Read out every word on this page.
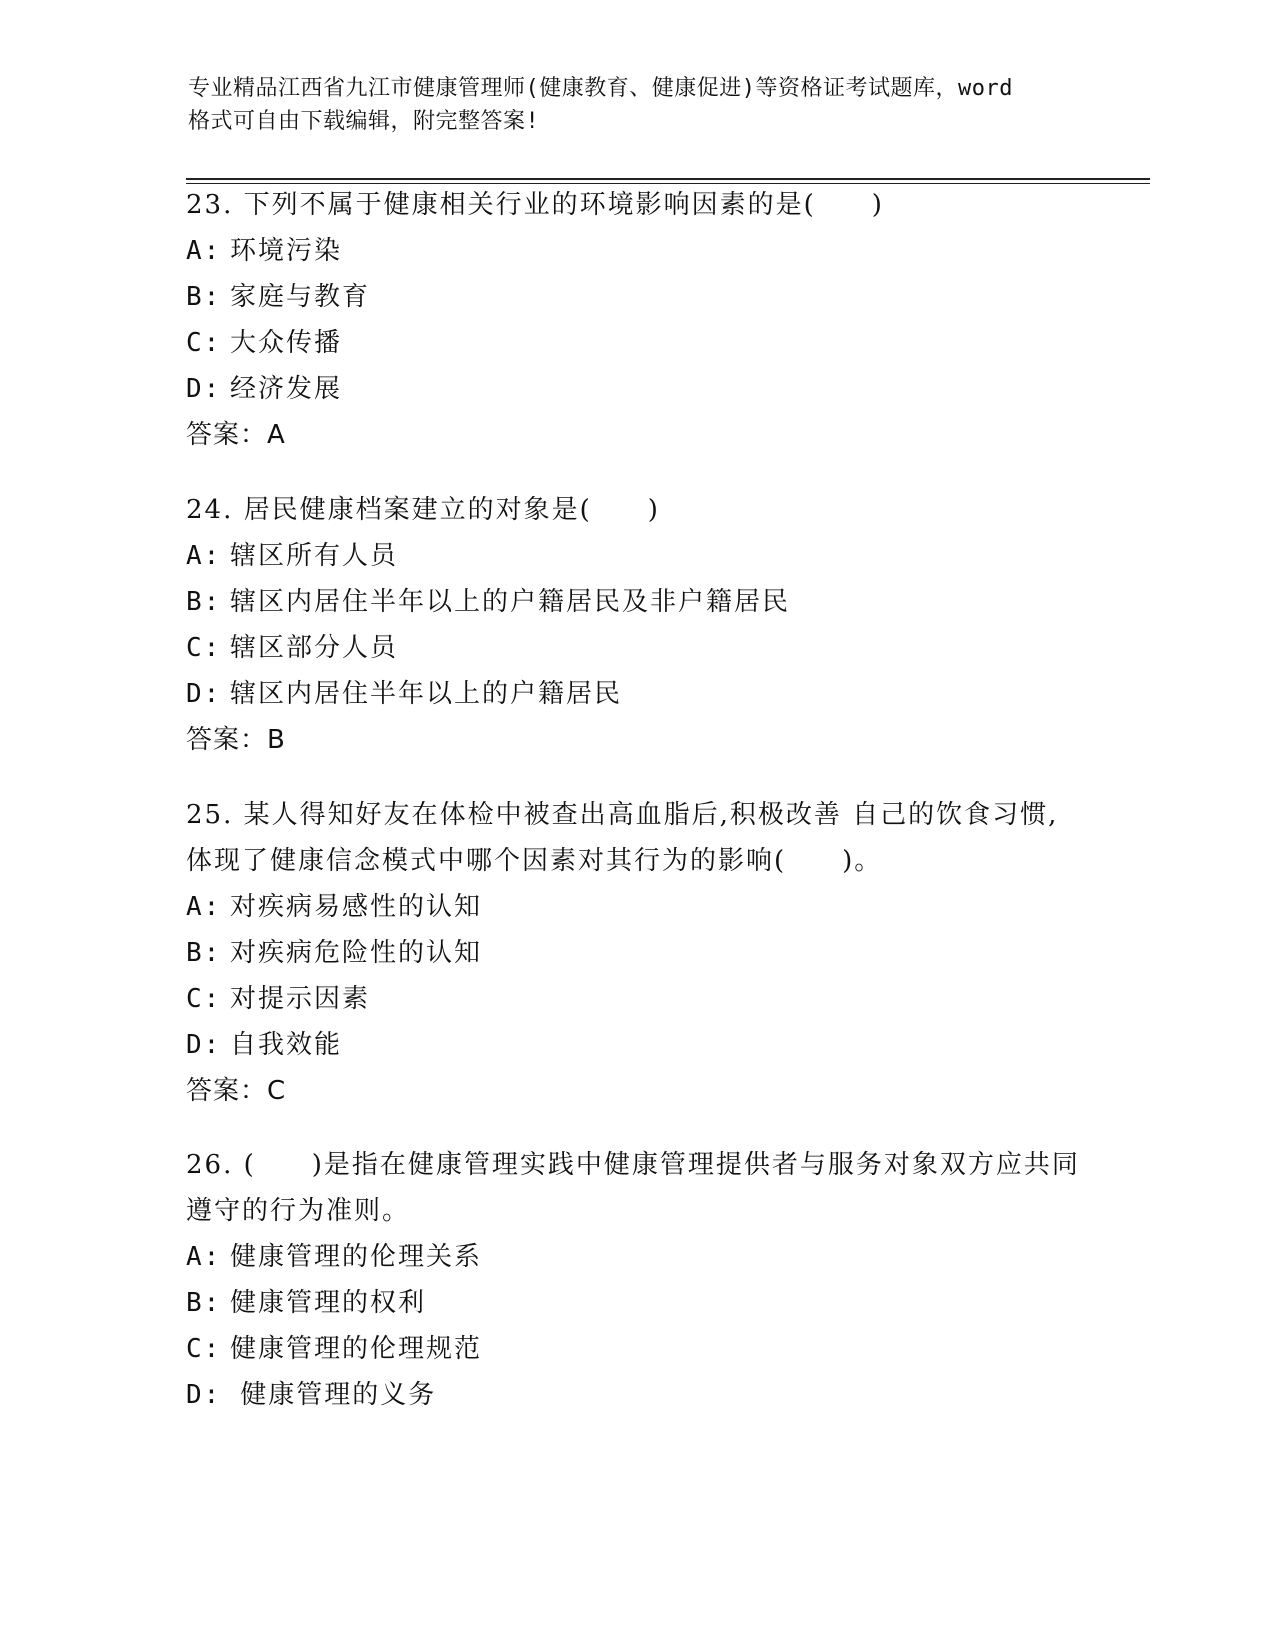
专业精品江西省九江市健康管理师(健康教育、健康促进)等资格证考试题库，word
格式可自由下载编辑，附完整答案!

23. 下列不属于健康相关行业的环境影响因素的是(　　)

A: 环境污染

B: 家庭与教育

C: 大众传播

D: 经济发展

答案：A

24. 居民健康档案建立的对象是(　　)

A: 辖区所有人员

B: 辖区内居住半年以上的户籍居民及非户籍居民

C: 辖区部分人员

D: 辖区内居住半年以上的户籍居民

答案：B

25. 某人得知好友在体检中被查出高血脂后,积极改善 自己的饮食习惯,体现了健康信念模式中哪个因素对其行为的影响(　　)。

A: 对疾病易感性的认知

B: 对疾病危险性的认知

C: 对提示因素

D: 自我效能

答案：C

26. (　　)是指在健康管理实践中健康管理提供者与服务对象双方应共同遵守的行为准则。

A: 健康管理的伦理关系

B: 健康管理的权利

C: 健康管理的伦理规范

D: 健康管理的义务
